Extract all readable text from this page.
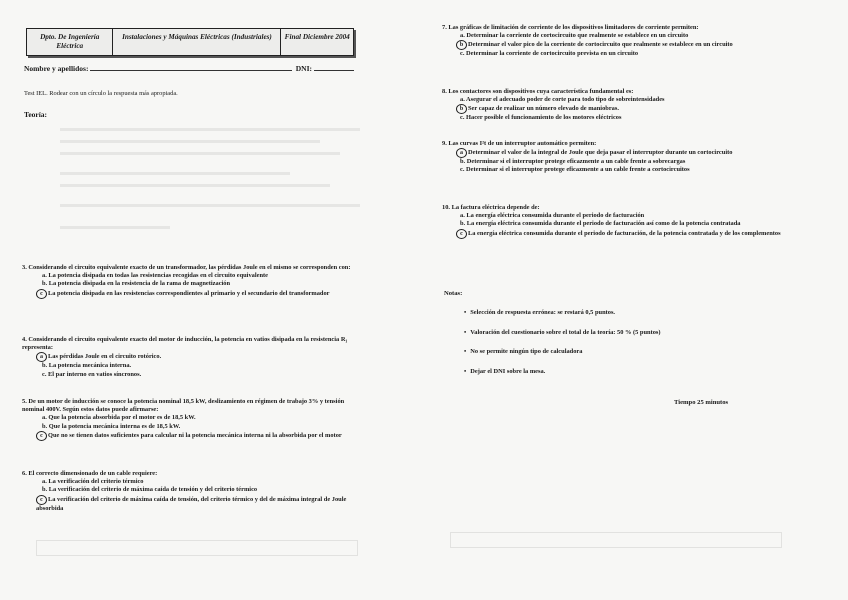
Dpto. De Ingeniería Eléctrica
Instalaciones y Máquinas Eléctricas (Industriales)	Final Diciembre 2004
Nombre y apellidos:	DNI:
Test IEL. Rodear con un círculo la respuesta más apropiada.
Teoría:
3. Considerando el circuito equivalente exacto de un transformador, las pérdidas Joule en el mismo se corresponden con:
a. La potencia disipada en todas las resistencias recogidas en el circuito equivalente
b. La potencia disipada en la resistencia de la rama de magnetización
c La potencia disipada en las resistencias correspondientes al primario y el secundario del transformador
4. Considerando el circuito equivalente exacto del motor de inducción, la potencia en vatios disipada en la resistencia R₁ representa:
a Las pérdidas Joule en el circuito rotórico.
b. La potencia mecánica interna.
c. El par interno en vatios síncronos.
5. De un motor de inducción se conoce la potencia nominal 18,5 kW, deslizamiento en régimen de trabajo 3% y tensión nominal 400V. Según estos datos puede afirmarse:
a. Que la potencia absorbida por el motor es de 18,5 kW.
b. Que la potencia mecánica interna es de 18,5 kW.
c Que no se tienen datos suficientes para calcular ni la potencia mecánica interna ni la absorbida por el motor
6. El correcto dimensionado de un cable requiere:
a. La verificación del criterio térmico
b. La verificación del criterio de máxima caída de tensión y del criterio térmico
c La verificación del criterio de máxima caída de tensión, del criterio térmico y del de máxima integral de Joule absorbida
7. Las gráficas de limitación de corriente de los dispositivos limitadores de corriente permiten:
a. Determinar la corriente de cortocircuito que realmente se establece en un circuito
b Determinar el valor pico de la corriente de cortocircuito que realmente se establece en un circuito
c. Determinar la corriente de cortocircuito prevista en un circuito
8. Los contactores son dispositivos cuya característica fundamental es:
a. Asegurar el adecuado poder de corte para todo tipo de sobreintensidades
b Ser capaz de realizar un número elevado de maniobras.
c. Hacer posible el funcionamiento de los motores eléctricos
9. Las curvas I²t de un interruptor automático permiten:
a Determinar el valor de la integral de Joule que deja pasar el interruptor durante un cortocircuito
b. Determinar si el interruptor protege eficazmente a un cable frente a sobrecargas
c. Determinar si el interruptor protege eficazmente a un cable frente a cortocircuitos
10. La factura eléctrica depende de:
a. La energía eléctrica consumida durante el periodo de facturación
b. La energía eléctrica consumida durante el periodo de facturación así como de la potencia contratada
c La energía eléctrica consumida durante el periodo de facturación, de la potencia contratada y de los complementos
Notas:
• Selección de respuesta errónea: se restará 0,5 puntos.
• Valoración del cuestionario sobre el total de la teoría: 50 % (5 puntos)
• No se permite ningún tipo de calculadora
• Dejar el DNI sobre la mesa.
Tiempo 25 minutos
